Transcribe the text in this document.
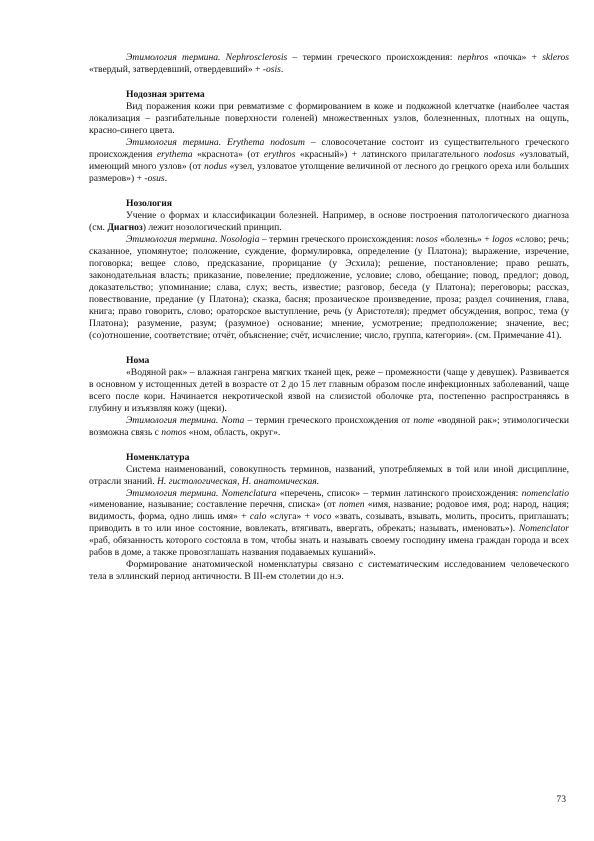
Этимология термина. Nephrosclerosis – термин греческого происхождения: nephros «почка» + skleros «твердый, затвердевший, отвердевший» + -osis.

Нодозная эритема

Вид поражения кожи при ревматизме с формированием в коже и подкожной клетчатке (наиболее частая локализация – разгибательные поверхности голеней) множественных узлов, болезненных, плотных на ощупь, красно-синего цвета.

Этимология термина. Erythema nodosum – словосочетание состоит из существительного греческого происхождения erythema «краснота» (от erythros «красный») + латинского прилагательного nodosus «узловатый, имеющий много узлов» (от nodus «узел, узловатое утолщение величиной от лесного до грецкого ореха или больших размеров») + -osus.

Нозология

Учение о формах и классификации болезней. Например, в основе построения патологического диагноза (см. Диагноз) лежит нозологический принцип.

Этимология термина. Nosologia – термин греческого происхождения: nosos «болезнь» + logos «слово; речь; сказанное, упомянутое; положение, суждение, формулировка, определение (у Платона); выражение, изречение, поговорка; вещее слово, предсказание, прорицание (у Эсхила); решение, постановление; право решать, законодательная власть; приказание, повеление; предложение, условие; слово, обещание; повод, предлог; довод, доказательство; упоминание; слава, слух; весть, известие; разговор, беседа (у Платона); переговоры; рассказ, повествование, предание (у Платона); сказка, басня; прозаическое произведение, проза; раздел сочинения, глава, книга; право говорить, слово; ораторское выступление, речь (у Аристотеля); предмет обсуждения, вопрос, тема (у Платона); разумение, разум; (разумное) основание; мнение, усмотрение; предположение; значение, вес; (со)отношение, соответствие; отчёт, объяснение; счёт, исчисление; число, группа, категория». (см. Примечание 41).

Нома

«Водяной рак» – влажная гангрена мягких тканей щек, реже – промежности (чаще у девушек). Развивается в основном у истощенных детей в возрасте от 2 до 15 лет главным образом после инфекционных заболеваний, чаще всего после кори. Начинается некротической язвой на слизистой оболочке рта, постепенно распространяясь в глубину и изъязвляя кожу (щеки).

Этимология термина. Noma – термин греческого происхождения от nome «водяной рак»; этимологически возможна связь с nomos «ном, область, округ».

Номенклатура

Система наименований, совокупность терминов, названий, употребляемых в той или иной дисциплине, отрасли знаний. Н. гистологическая, Н. анатомическая.

Этимология термина. Nomenclatura «перечень, список» – термин латинского происхождения: nomenclatio «именование, называние; составление перечня, списка» (от nomen «имя, название; родовое имя, род; народ, нация; видимость, форма, одно лишь имя» + calo «слуга» + voco «звать, созывать, взывать, молить, просить, приглашать; приводить в то или иное состояние, вовлекать, втягивать, ввергать, обрекать; называть, именовать»). Nomenclator «раб, обязанность которого состояла в том, чтобы знать и называть своему господину имена граждан города и всех рабов в доме, а также провозглашать названия подаваемых кушаний».

Формирование анатомической номенклатуры связано с систематическим исследованием человеческого тела в эллинский период античности. В III-ем столетии до н.э.

73
